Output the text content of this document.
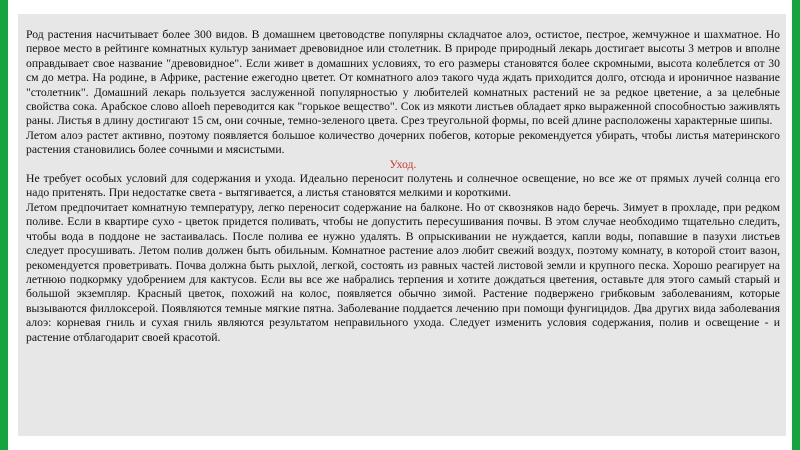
Род растения насчитывает более 300 видов. В домашнем цветоводстве популярны складчатое алоэ, остистое, пестрое, жемчужное и шахматное. Но первое место в рейтинге комнатных культур занимает древовидное или столетник. В природе природный лекарь достигает высоты 3 метров и вполне оправдывает свое название "древовидное". Если живет в домашних условиях, то его размеры становятся более скромными, высота колеблется от 30 см до метра. На родине, в Африке, растение ежегодно цветет. От комнатного алоэ такого чуда ждать приходится долго, отсюда и ироничное название "столетник". Домашний лекарь пользуется заслуженной популярностью у любителей комнатных растений не за редкое цветение, а за целебные свойства сока. Арабское слово alloeh переводится как "горькое вещество". Сок из мякоти листьев обладает ярко выраженной способностью заживлять раны. Листья в длину достигают 15 см, они сочные, темно-зеленого цвета. Срез треугольной формы, по всей длине расположены характерные шипы.

Летом алоэ растет активно, поэтому появляется большое количество дочерних побегов, которые рекомендуется убирать, чтобы листья материнского растения становились более сочными и мясистыми.

Уход.

Не требует особых условий для содержания и ухода. Идеально переносит полутень и солнечное освещение, но все же от прямых лучей солнца его надо притенять. При недостатке света - вытягивается, а листья становятся мелкими и короткими.

Летом предпочитает комнатную температуру, легко переносит содержание на балконе. Но от сквозняков надо беречь. Зимует в прохладе, при редком поливе. Если в квартире сухо - цветок придется поливать, чтобы не допустить пересушивания почвы. В этом случае необходимо тщательно следить, чтобы вода в поддоне не застаивалась. После полива ее нужно удалять. В опрыскивании не нуждается, капли воды, попавшие в пазухи листьев следует просушивать. Летом полив должен быть обильным. Комнатное растение алоэ любит свежий воздух, поэтому комнату, в которой стоит вазон, рекомендуется проветривать. Почва должна быть рыхлой, легкой, состоять из равных частей листовой земли и крупного песка. Хорошо реагирует на летнюю подкормку удобрением для кактусов. Если вы все же набрались терпения и хотите дождаться цветения, оставьте для этого самый старый и большой экземпляр. Красный цветок, похожий на колос, появляется обычно зимой. Растение подвержено грибковым заболеваниям, которые вызываются филлоксерой. Появляются темные мягкие пятна. Заболевание поддается лечению при помощи фунгицидов. Два других вида заболевания алоэ: корневая гниль и сухая гниль являются результатом неправильного ухода. Следует изменить условия содержания, полив и освещение - и растение отблагодарит своей красотой.
